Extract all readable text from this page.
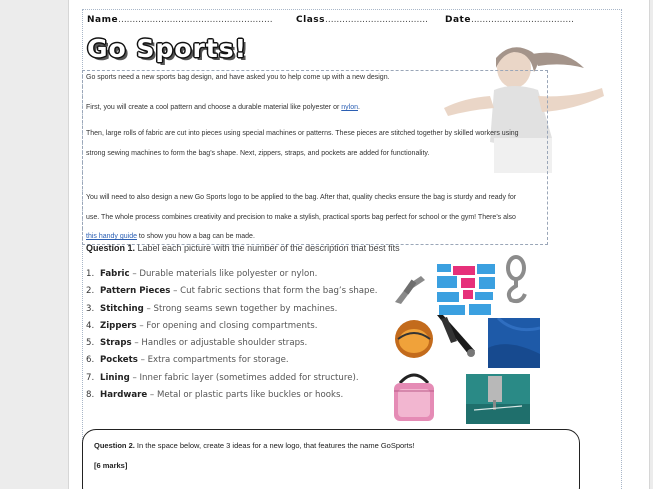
Name......................................................	Class.................................... Date....................................
Go Sports!
Go sports need a new sports bag design, and have asked you to help come up with a new design.
First, you will create a cool pattern and choose a durable material like polyester or nylon.
Then, large rolls of fabric are cut into pieces using special machines or patterns. These pieces are stitched together by skilled workers using strong sewing machines to form the bag’s shape. Next, zippers, straps, and pockets are added for functionality.
You will need to also design a new Go Sports logo to be applied to the bag. After that, quality checks ensure the bag is sturdy and ready for use. The whole process combines creativity and precision to make a stylish, practical sports bag perfect for school or the gym! There’s also this handy guide to show you how a bag can be made.
Question 1. Label each picture with the number of the description that best fits
1. Fabric – Durable materials like polyester or nylon.
2. Pattern Pieces – Cut fabric sections that form the bag’s shape.
3. Stitching – Strong seams sewn together by machines.
4. Zippers – For opening and closing compartments.
5. Straps – Handles or adjustable shoulder straps.
6. Pockets – Extra compartments for storage.
7. Lining – Inner fabric layer (sometimes added for structure).
8. Hardware – Metal or plastic parts like buckles or hooks.
Question 2. In the space below, create 3 ideas for a new logo, that features the name GoSports!
[6 marks]
